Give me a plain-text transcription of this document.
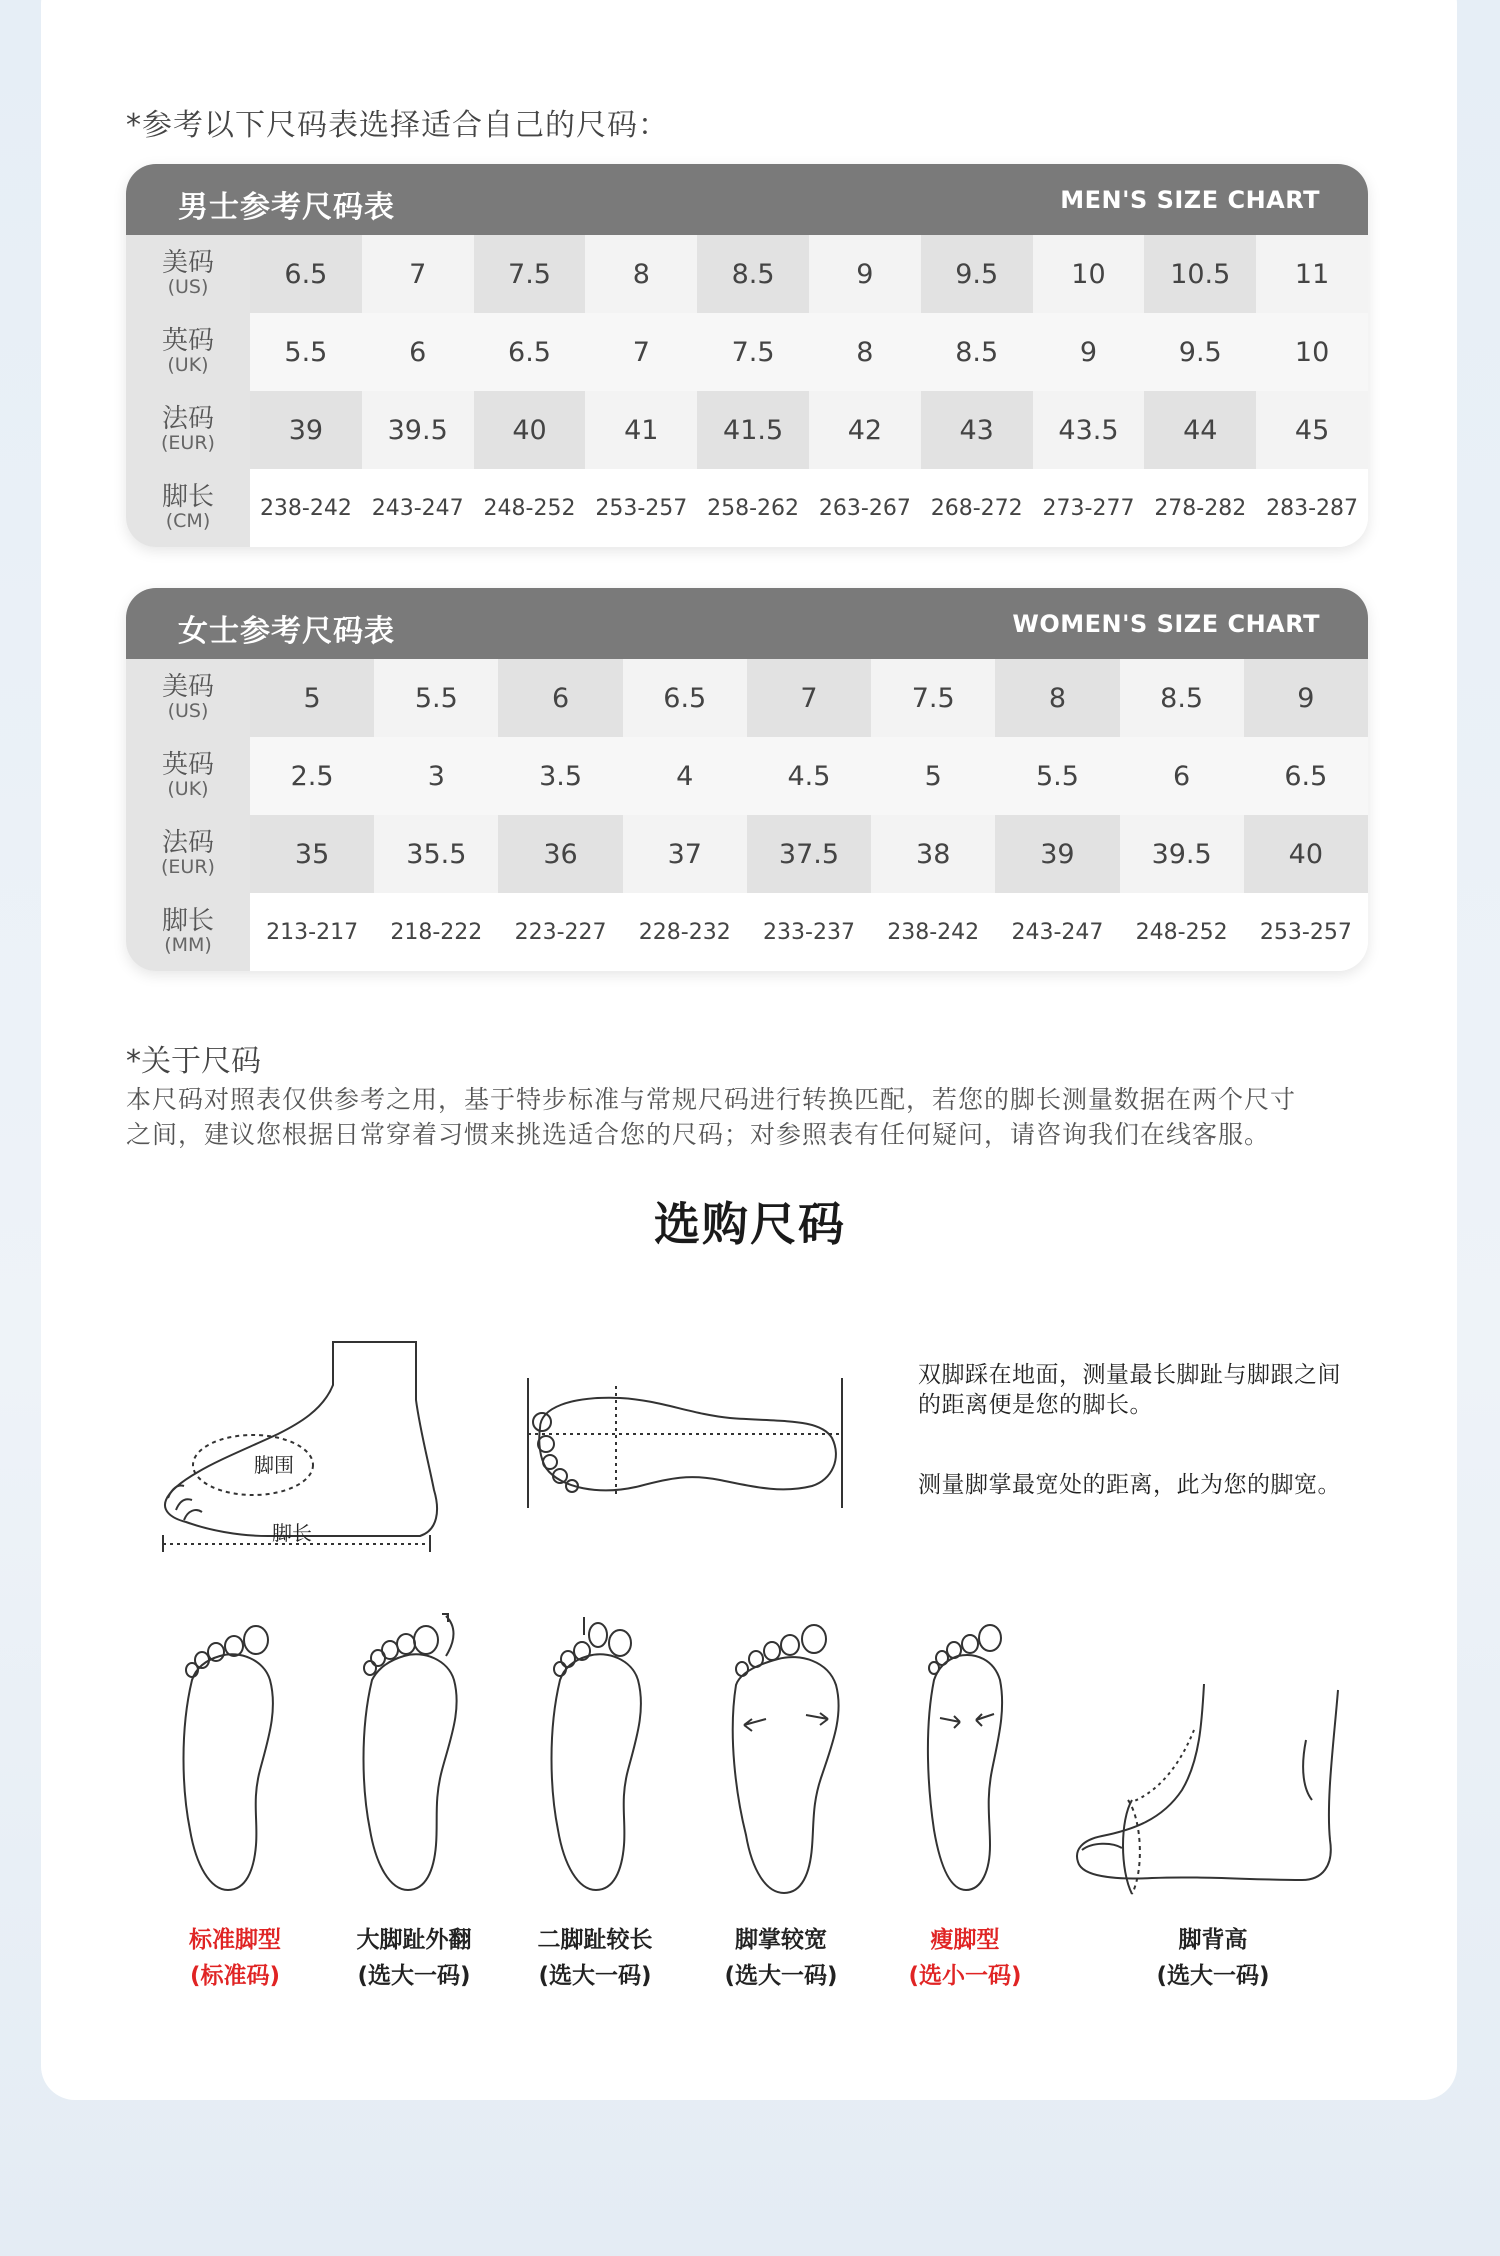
*参考以下尺码表选择适合自己的尺码：
男士参考尺码表	MEN'S SIZE CHART
美码
(US)	6.5	7	7.5	8	8.5	9	9.5	10	10.5	11
英码
(UK)	5.5	6	6.5	7	7.5	8	8.5	9	9.5	10
法码
(EUR)	39	39.5	40	41	41.5	42	43	43.5	44	45
脚长
(CM)
238-242 243-247 248-252 253-257 258-262 263-267 268-272 273-277 278-282 283-287
女士参考尺码表	WOMEN'S SIZE CHART
美码
(US)	5	5.5	6	6.5	7	7.5	8	8.5	9
英码
(UK)	2.5	3	3.5	4	4.5	5	5.5	6	6.5
法码
(EUR)	35	35.5	36	37	37.5	38	39	39.5	40
脚长
(MM)
213-217	218-222	223-227	228-232	233-237	238-242	243-247	248-252	253-257
*关于尺码
本尺码对照表仅供参考之用，基于特步标准与常规尺码进行转换匹配，若您的脚长测量数据在两个尺寸
之间，建议您根据日常穿着习惯来挑选适合您的尺码；对参照表有任何疑问，请咨询我们在线客服。
选购尺码
脚围
脚长
双脚踩在地面，测量最长脚趾与脚跟之间
的距离便是您的脚长。
测量脚掌最宽处的距离，此为您的脚宽。
标准脚型
(标准码)
大脚趾外翻
(选大一码)
二脚趾较长
(选大一码)
脚掌较宽
(选大一码)
瘦脚型
(选小一码)
脚背高
(选大一码)
